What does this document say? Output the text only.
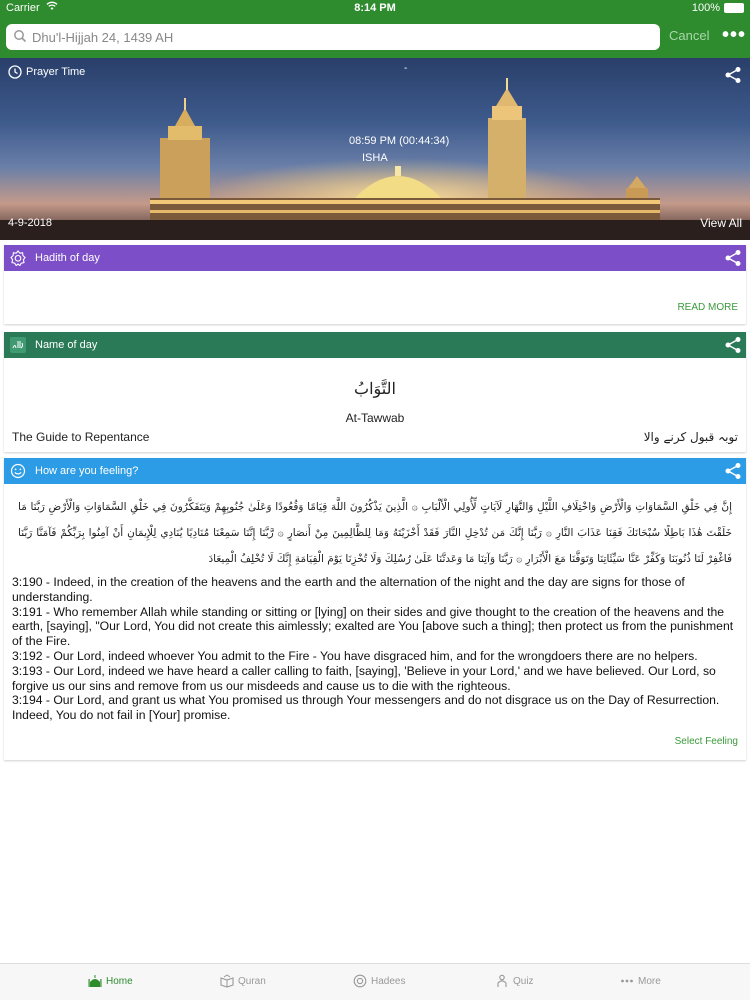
Carrier	8:14 PM	100%
Dhu'l-Hijjah 24, 1439 AH
Cancel •••
Prayer Time	-
08:59 PM (00:44:34)
ISHA
4-9-2018	View All
Hadith of day
READ MORE
Name of day
التَّوَابُ
At-Tawwab
The Guide to Repentance	توبہ قبول کرنے والا
How are you feeling?
إِنَّ فِي خَلْقِ السَّمَاوَاتِ وَالْأَرْضِ وَاخْتِلَافِ اللَّيْلِ وَالنَّهَارِ لَآيَاتٍ لِّأُولِي الْأَلْبَابِ ۞ الَّذِينَ يَذْكُرُونَ اللَّهَ قِيَامًا وَقُعُودًا وَعَلَىٰ جُنُوبِهِمْ وَيَتَفَكَّرُونَ فِي خَلْقِ السَّمَاوَاتِ وَالْأَرْضِ رَبَّنَا مَا خَلَقْتَ هَٰذَا بَاطِلًا سُبْحَانَكَ فَقِنَا عَذَابَ النَّارِ ۞ رَبَّنَا إِنَّكَ مَن تُدْخِلِ النَّارَ فَقَدْ أَخْزَيْتَهُ وَمَا لِلظَّالِمِينَ مِنْ أَنصَارٍ ۞ رَّبَّنَا إِنَّنَا سَمِعْنَا مُنَادِيًا يُنَادِي لِلْإِيمَانِ أَنْ آمِنُوا بِرَبِّكُمْ فَآمَنَّا رَبَّنَا فَاغْفِرْ لَنَا ذُنُوبَنَا وَكَفِّرْ عَنَّا سَيِّئَاتِنَا وَتَوَفَّنَا مَعَ الْأَبْرَارِ ۞ رَبَّنَا وَآتِنَا مَا وَعَدتَّنَا عَلَىٰ رُسُلِكَ وَلَا تُخْزِنَا يَوْمَ الْقِيَامَةِ إِنَّكَ لَا تُخْلِفُ الْمِيعَادَ
3:190 - Indeed, in the creation of the heavens and the earth and the alternation of the night and the day are signs for those of understanding.
3:191 - Who remember Allah while standing or sitting or [lying] on their sides and give thought to the creation of the heavens and the earth, [saying], "Our Lord, You did not create this aimlessly; exalted are You [above such a thing]; then protect us from the punishment of the Fire.
3:192 - Our Lord, indeed whoever You admit to the Fire - You have disgraced him, and for the wrongdoers there are no helpers.
3:193 - Our Lord, indeed we have heard a caller calling to faith, [saying], 'Believe in your Lord,' and we have believed. Our Lord, so forgive us our sins and remove from us our misdeeds and cause us to die with the righteous.
3:194 - Our Lord, and grant us what You promised us through Your messengers and do not disgrace us on the Day of Resurrection. Indeed, You do not fail in [Your] promise.
Select Feeling
Home	Quran	Hadees	Quiz	More
